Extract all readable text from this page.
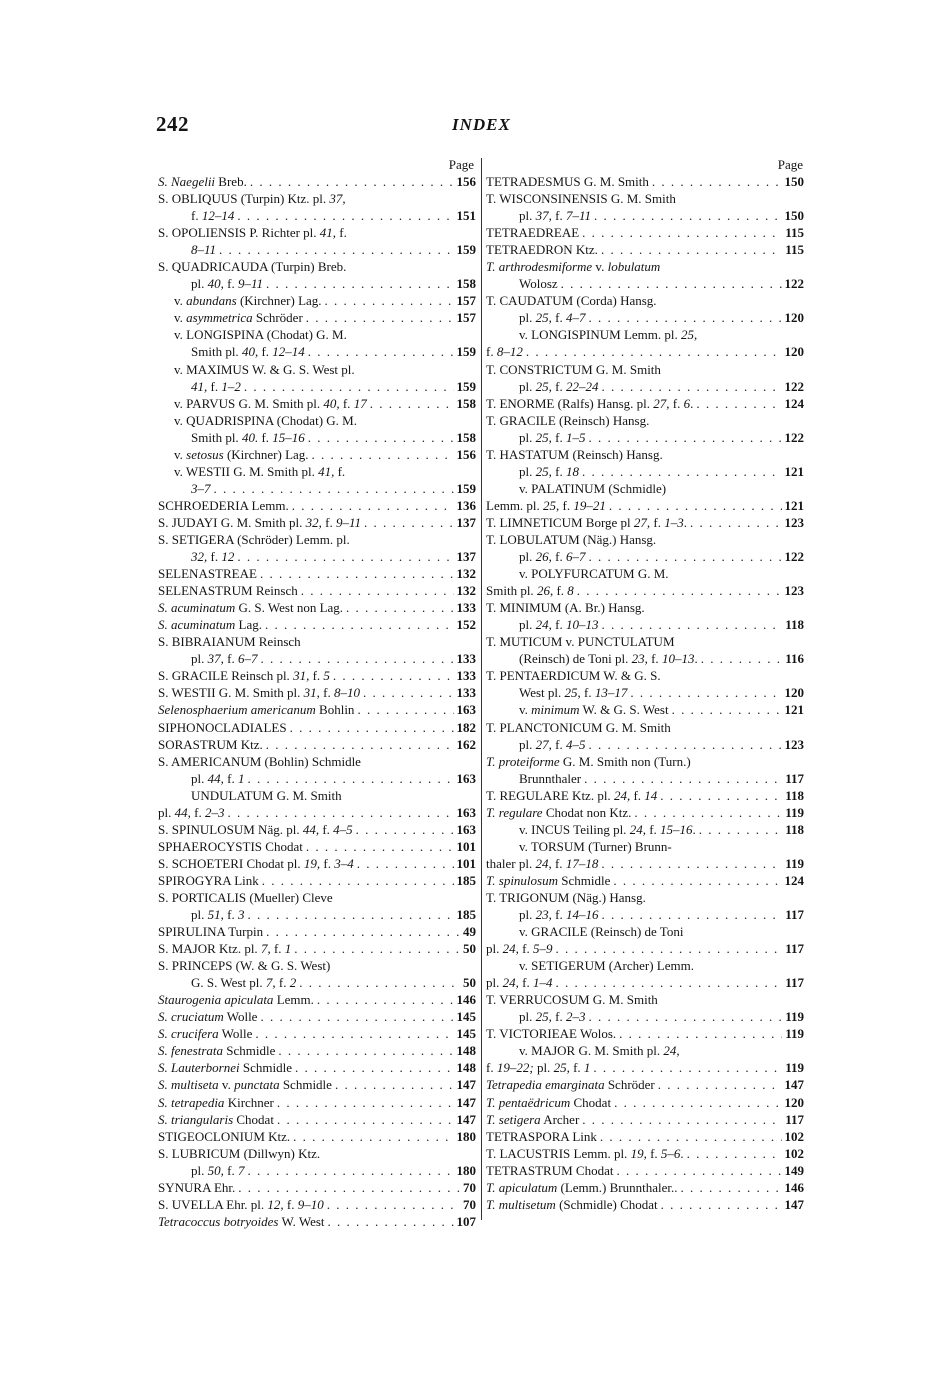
242	INDEX
Page
S. Naegelii Breb. . . .	156
S. OBLIQUUS (Turpin) Ktz. pl. 37,
f. 12–14 . . .	151
S. OPOLIENSIS P. Richter pl. 41, f.
8–11 . . .	159
S. QUADRICAUDA (Turpin) Breb.
pl. 40, f. 9–11 . . .	158
v. abundans (Kirchner) Lag. . . .	157
v. asymmetrica Schröder . . .	157
v. LONGISPINA (Chodat) G. M.
Smith pl. 40, f. 12–14 . . .	159
v. MAXIMUS W. & G. S. West pl.
41, f. 1–2 . . .	159
v. PARVUS G. M. Smith pl. 40, f. 17 . . .	158
v. QUADRISPINA (Chodat) G. M.
Smith pl. 40. f. 15–16 . . .	158
v. setosus (Kirchner) Lag. . . .	156
v. WESTII G. M. Smith pl. 41, f.
3–7 . . .	159
SCHROEDERIA Lemm. . . .	136
S. JUDAYI G. M. Smith pl. 32, f. 9–11 . . .	137
S. SETIGERA (Schröder) Lemm. pl.
32, f. 12 . . .	137
SELENASTREAE . . .	132
SELENASTRUM Reinsch . . .	132
S. acuminatum G. S. West non Lag. . . .	133
S. acuminatum Lag. . . .	152
S. BIBRAIANUM Reinsch
pl. 37, f. 6–7 . . .	133
S. GRACILE Reinsch pl. 31, f. 5 . . .	133
S. WESTII G. M. Smith pl. 31, f. 8–10 . . .	133
Selenosphaerium americanum Bohlin . . .	163
SIPHONOCLADIALES . . .	182
SORASTRUM Ktz. . . .	162
S. AMERICANUM (Bohlin) Schmidle
pl. 44, f. 1 . . .	163
UNDULATUM G. M. Smith
pl. 44, f. 2–3 . . .	163
S. SPINULOSUM Näg. pl. 44, f. 4–5 . . .	163
SPHAEROCYSTIS Chodat . . .	101
S. SCHOETERI Chodat pl. 19, f. 3–4 . . .	101
SPIROGYRA Link . . .	185
S. PORTICALIS (Mueller) Cleve
pl. 51, f. 3 . . .	185
SPIRULINA Turpin . . .	49
S. MAJOR Ktz. pl. 7, f. 1 . . .	50
S. PRINCEPS (W. & G. S. West)
G. S. West pl. 7, f. 2 . . .	50
Staurogenia apiculata Lemm. . . .	146
S. cruciatum Wolle . . .	145
S. crucifera Wolle . . .	145
S. fenestrata Schmidle . . .	148
S. Lauterbornei Schmidle . . .	148
S. multiseta v. punctata Schmidle . . .	147
S. tetrapedia Kirchner . . .	147
S. triangularis Chodat . . .	147
STIGEOCLONIUM Ktz. . . .	180
S. LUBRICUM (Dillwyn) Ktz.
pl. 50, f. 7 . . .	180
SYNURA Ehr. . . .	70
S. UVELLA Ehr. pl. 12, f. 9–10 . . .	70
Tetracoccus botryoides W. West . . .	107
Page
TETRADESMUS G. M. Smith . . .	150
T. WISCONSINENSIS G. M. Smith
pl. 37, f. 7–11 . . .	150
TETRAEDREAE . . .	115
TETRAEDRON Ktz. . . .	115
T. arthrodesmiforme v. lobulatum
Wolosz . . .	122
T. CAUDATUM (Corda) Hansg.
pl. 25, f. 4–7 . . .	120
v. LONGISPINUM Lemm. pl. 25,
f. 8–12 . . .	120
T. CONSTRICTUM G. M. Smith
pl. 25, f. 22–24 . . .	122
T. ENORME (Ralfs) Hansg. pl. 27, f. 6. . . .	124
T. GRACILE (Reinsch) Hansg.
pl. 25, f. 1–5 . . .	122
T. HASTATUM (Reinsch) Hansg.
pl. 25, f. 18 . . .	121
v. PALATINUM (Schmidle)
Lemm. pl. 25, f. 19–21 . . .	121
T. LIMNETICUM Borge pl 27, f. 1–3. . . .	123
T. LOBULATUM (Näg.) Hansg.
pl. 26, f. 6–7 . . .	122
v. POLYFURCATUM G. M.
Smith pl. 26, f. 8 . . .	123
T. MINIMUM (A. Br.) Hansg.
pl. 24, f. 10–13 . . .	118
T. MUTICUM v. PUNCTULATUM
(Reinsch) de Toni pl. 23, f. 10–13. . . .	116
T. PENTAERDICUM W. & G. S.
West pl. 25, f. 13–17 . . .	120
v. minimum W. & G. S. West . . .	121
T. PLANCTONICUM G. M. Smith
pl. 27, f. 4–5 . . .	123
T. proteiforme G. M. Smith non (Turn.)
Brunnthaler . . .	117
T. REGULARE Ktz. pl. 24, f. 14 . . .	118
T. regulare Chodat non Ktz. . . .	119
v. INCUS Teiling pl. 24, f. 15–16. . . .	118
v. TORSUM (Turner) Brunn-
thaler pl. 24, f. 17–18 . . .	119
T. spinulosum Schmidle . . .	124
T. TRIGONUM (Näg.) Hansg.
pl. 23, f. 14–16 . . .	117
v. GRACILE (Reinsch) de Toni
pl. 24, f. 5–9 . . .	117
v. SETIGERUM (Archer) Lemm.
pl. 24, f. 1–4 . . .	117
T. VERRUCOSUM G. M. Smith
pl. 25, f. 2–3 . . .	119
T. VICTORIEAE Wolos. . . .	119
v. MAJOR G. M. Smith pl. 24,
f. 19–22; pl. 25, f. 1 . . .	119
Tetrapedia emarginata Schröder . . .	147
T. pentaëdricum Chodat . . .	120
T. setigera Archer . . .	117
TETRASPORA Link . . .	102
T. LACUSTRIS Lemm. pl. 19, f. 5–6. . . .	102
TETRASTRUM Chodat . . .	149
T. apiculatum (Lemm.) Brunnthaler.. . . .	146
T. multisetum (Schmidle) Chodat . . .	147
